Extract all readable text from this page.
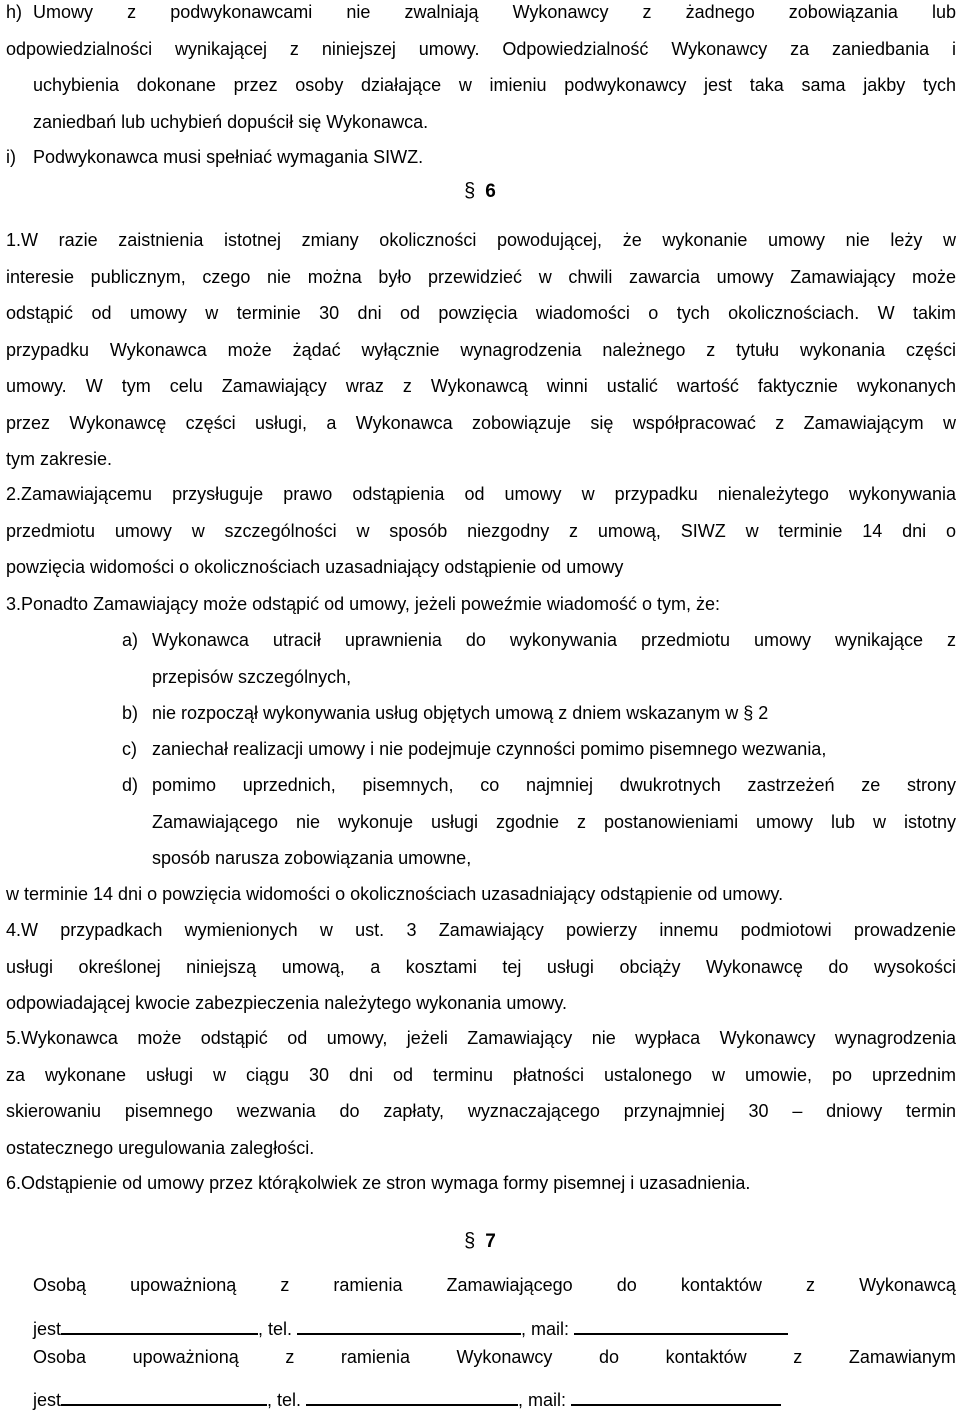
h) Umowy z podwykonawcami nie zwalniają Wykonawcy z żadnego zobowiązania lub
odpowiedzialności wynikającej z niniejszej umowy. Odpowiedzialność Wykonawcy za zaniedbania i
uchybienia dokonane przez osoby działające w imieniu podwykonawcy jest taka sama jakby tych
zaniedbań lub uchybień dopuścił się Wykonawca.
i) Podwykonawca musi spełniać wymagania SIWZ.
§ 6
1.W razie zaistnienia istotnej zmiany okoliczności powodującej, że wykonanie umowy nie leży w
interesie publicznym, czego nie można było przewidzieć w chwili zawarcia umowy Zamawiający może
odstąpić od umowy w terminie 30 dni od powzięcia wiadomości o tych okolicznościach. W takim
przypadku Wykonawca może żądać wyłącznie wynagrodzenia należnego z tytułu wykonania części
umowy. W tym celu Zamawiający wraz z Wykonawcą winni ustalić wartość faktycznie wykonanych
przez Wykonawcę części usługi, a Wykonawca zobowiązuje się współpracować z Zamawiającym w
tym zakresie.
2.Zamawiającemu przysługuje prawo odstąpienia od umowy w przypadku nienależytego wykonywania
przedmiotu umowy w szczególności w sposób niezgodny z umową, SIWZ w terminie 14 dni o
powzięcia widomości o okolicznościach uzasadniający odstąpienie od umowy
3.Ponadto Zamawiający może odstąpić od umowy, jeżeli poweźmie wiadomość o tym, że:
a) Wykonawca utracił uprawnienia do wykonywania przedmiotu umowy wynikające z
przepisów szczególnych,
b) nie rozpoczął wykonywania usług objętych umową z dniem wskazanym w § 2
c) zaniechał realizacji umowy i nie podejmuje czynności pomimo pisemnego wezwania,
d) pomimo uprzednich, pisemnych, co najmniej dwukrotnych zastrzeżeń ze strony
Zamawiającego nie wykonuje usługi zgodnie z postanowieniami umowy lub w istotny
sposób narusza zobowiązania umowne,
w terminie 14 dni o powzięcia widomości o okolicznościach uzasadniający odstąpienie od umowy.
4.W przypadkach wymienionych w ust. 3 Zamawiający powierzy innemu podmiotowi prowadzenie
usługi określonej niniejszą umową, a kosztami tej usługi obciąży Wykonawcę do wysokości
odpowiadającej kwocie zabezpieczenia należytego wykonania umowy.
5.Wykonawca może odstąpić od umowy, jeżeli Zamawiający nie wypłaca Wykonawcy wynagrodzenia
za wykonane usługi w ciągu 30 dni od terminu płatności ustalonego w umowie, po uprzednim
skierowaniu pisemnego wezwania do zapłaty, wyznaczającego przynajmniej 30 – dniowy termin
ostatecznego uregulowania zaległości.
6.Odstąpienie od umowy przez którąkolwiek ze stron wymaga formy pisemnej i uzasadnienia.
§ 7
Osobą upoważnioną z ramienia Zamawiającego do kontaktów z Wykonawcą
jest	, tel.	, mail:
Osoba	upoważnioną	z	ramienia	Wykonawcy	do	kontaktów	z	Zamawianym
jest	, tel.	, mail:
